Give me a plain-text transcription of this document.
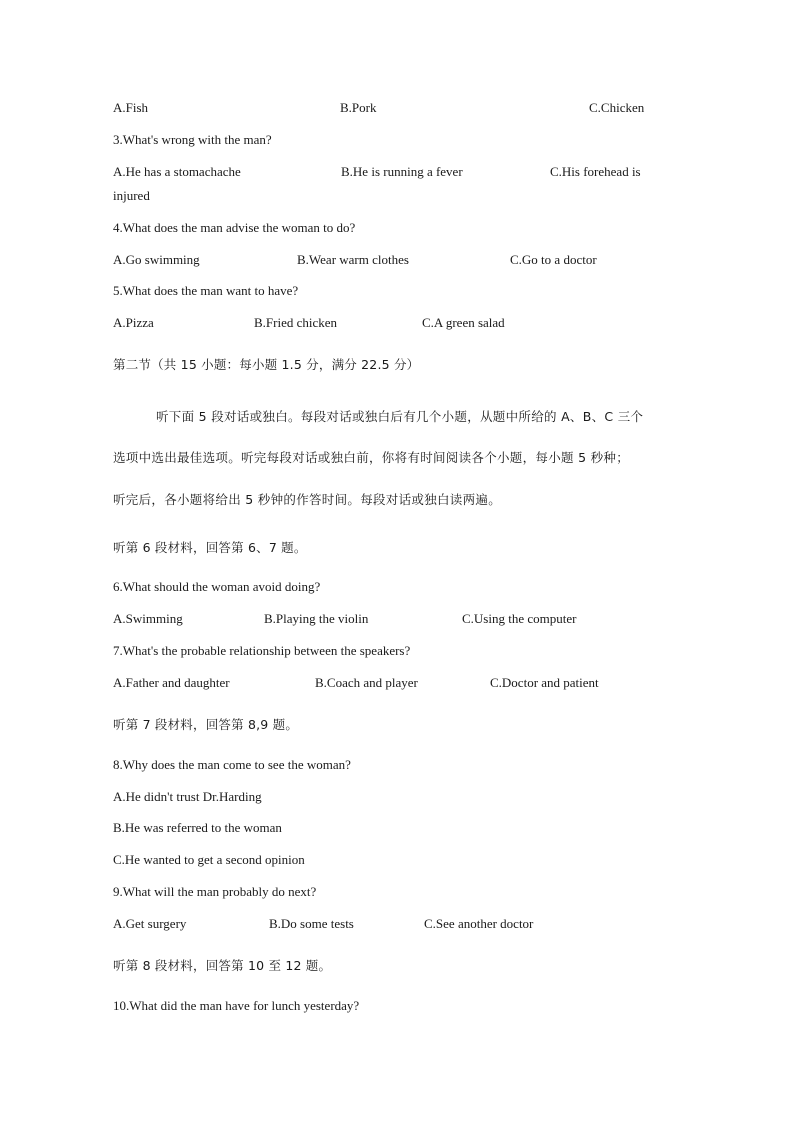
A.Fish	B.Pork	C.Chicken
3.What's wrong with the man?
A.He has a stomachache	B.He is running a fever	C.His forehead is
injured
4.What does the man advise the woman to do?
A.Go swimming	B.Wear warm clothes	C.Go to a doctor
5.What does the man want to have?
A.Pizza	B.Fried chicken	C.A green salad
第二节（共 15 小题：每小题 1.5 分，满分 22.5 分）
听下面 5 段对话或独白。每段对话或独白后有几个小题，从题中所给的 A、B、C 三个
选项中选出最佳选项。听完每段对话或独白前，你将有时间阅读各个小题，每小题 5 秒种；
听完后，各小题将给出 5 秒钟的作答时间。每段对话或独白读两遍。
听第 6 段材料，回答第 6、7 题。
6.What should the woman avoid doing?
A.Swimming	B.Playing the violin	C.Using the computer
7.What's the probable relationship between the speakers?
A.Father and daughter	B.Coach and player	C.Doctor and patient
听第 7 段材料，回答第 8,9 题。
8.Why does the man come to see the woman?
A.He didn't trust Dr.Harding
B.He was referred to the woman
C.He wanted to get a second opinion
9.What will the man probably do next?
A.Get surgery	B.Do some tests	C.See another doctor
听第 8 段材料，回答第 10 至 12 题。
10.What did the man have for lunch yesterday?
